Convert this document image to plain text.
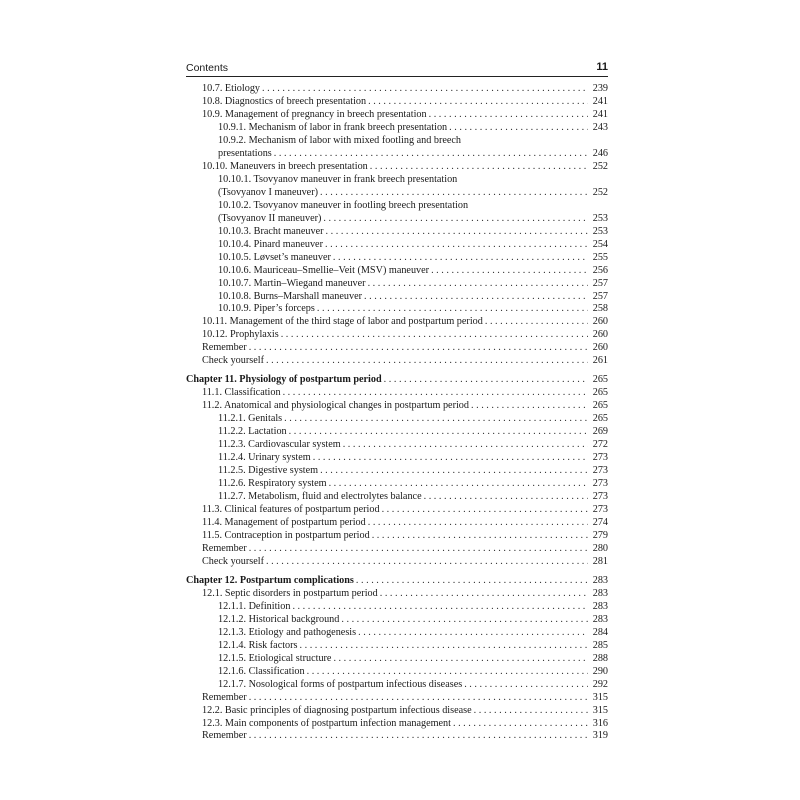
Contents	11
10.7. Etiology . . .	239
10.8. Diagnostics of breech presentation . . .	241
10.9. Management of pregnancy in breech presentation . . .	241
10.9.1. Mechanism of labor in frank breech presentation . . .	243
10.9.2. Mechanism of labor with mixed footling and breech
presentations . . .	246
10.10. Maneuvers in breech presentation . . .	252
10.10.1. Tsovyanov maneuver in frank breech presentation
(Tsovyanov I maneuver) . . .	252
10.10.2. Tsovyanov maneuver in footling breech presentation
(Tsovyanov II maneuver) . . .	253
10.10.3. Bracht maneuver . . .	253
10.10.4. Pinard maneuver . . .	254
10.10.5. Løvset’s maneuver . . .	255
10.10.6. Mauriceau–Smellie–Veit (MSV) maneuver . . .	256
10.10.7. Martin–Wiegand maneuver . . .	257
10.10.8. Burns–Marshall maneuver . . .	257
10.10.9. Piper’s forceps . . .	258
10.11. Management of the third stage of labor and postpartum period . . .	260
10.12. Prophylaxis . . .	260
Remember . . .	260
Check yourself . . .	261
Chapter 11. Physiology of postpartum period . . .	265
11.1. Classification . . .	265
11.2. Anatomical and physiological changes in postpartum period . . .	265
11.2.1. Genitals . . .	265
11.2.2. Lactation . . .	269
11.2.3. Cardiovascular system . . .	272
11.2.4. Urinary system . . .	273
11.2.5. Digestive system . . .	273
11.2.6. Respiratory system . . .	273
11.2.7. Metabolism, fluid and electrolytes balance . . .	273
11.3. Clinical features of postpartum period . . .	273
11.4. Management of postpartum period . . .	274
11.5. Contraception in postpartum period . . .	279
Remember . . .	280
Check yourself . . .	281
Chapter 12. Postpartum complications . . .	283
12.1. Septic disorders in postpartum period . . .	283
12.1.1. Definition . . .	283
12.1.2. Historical background . . .	283
12.1.3. Etiology and pathogenesis . . .	284
12.1.4. Risk factors . . .	285
12.1.5. Etiological structure . . .	288
12.1.6. Classification . . .	290
12.1.7. Nosological forms of postpartum infectious diseases . . .	292
Remember . . .	315
12.2. Basic principles of diagnosing postpartum infectious disease . . .	315
12.3. Main components of postpartum infection management . . .	316
Remember . . .	319
